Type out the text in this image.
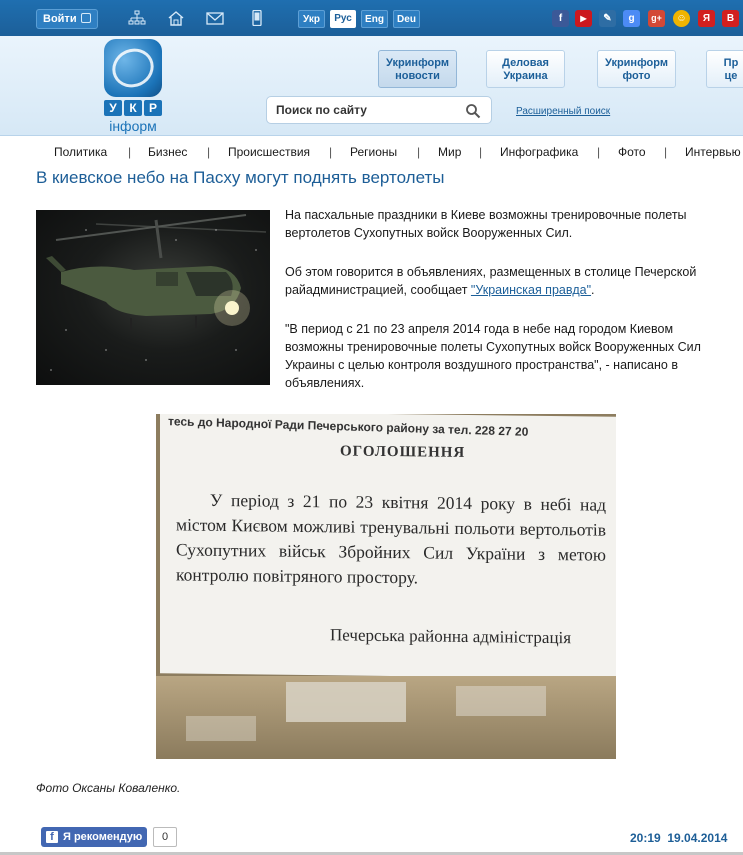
Войти	Укр	Рус	Eng	Deu	f	▶	✎	g	g+	☺	Я	В
У	К	Р
інформ
Укринформ
новости
Деловая
Украина
Укринформ
фото
Пр
це
Поиск по сайту
Расширенный поиск
Политика | Бизнес | Происшествия | Регионы | Мир | Инфографика | Фото | Интервью
В киевское небо на Пасху могут поднять вертолеты

На пасхальные праздники в Киеве возможны тренировочные полеты вертолетов Сухопутных войск Вооруженных Сил.

Об этом говорится в объявлениях, размещенных в столице Печерской райадминистрацией, сообщает "Украинская правда".

"В период с 21 по 23 апреля 2014 года в небе над городом Киевом возможны тренировочные полеты Сухопутных войск Вооруженных Сил Украины с целью контроля воздушного пространства", - написано в объявлениях.

тесь до Народної Ради Печерського району за тел. 228 27 20
ОГОЛОШЕННЯ
У період з 21 по 23 квітня 2014 року в небі над містом Києвом можливі тренувальні польоти вертольотів Сухопутних військ Збройних Сил України з метою контролю повітряного простору.
Печерська районна адміністрація
Фото Оксаны Коваленко.
f Я рекомендую	0	20:19 19.04.2014
